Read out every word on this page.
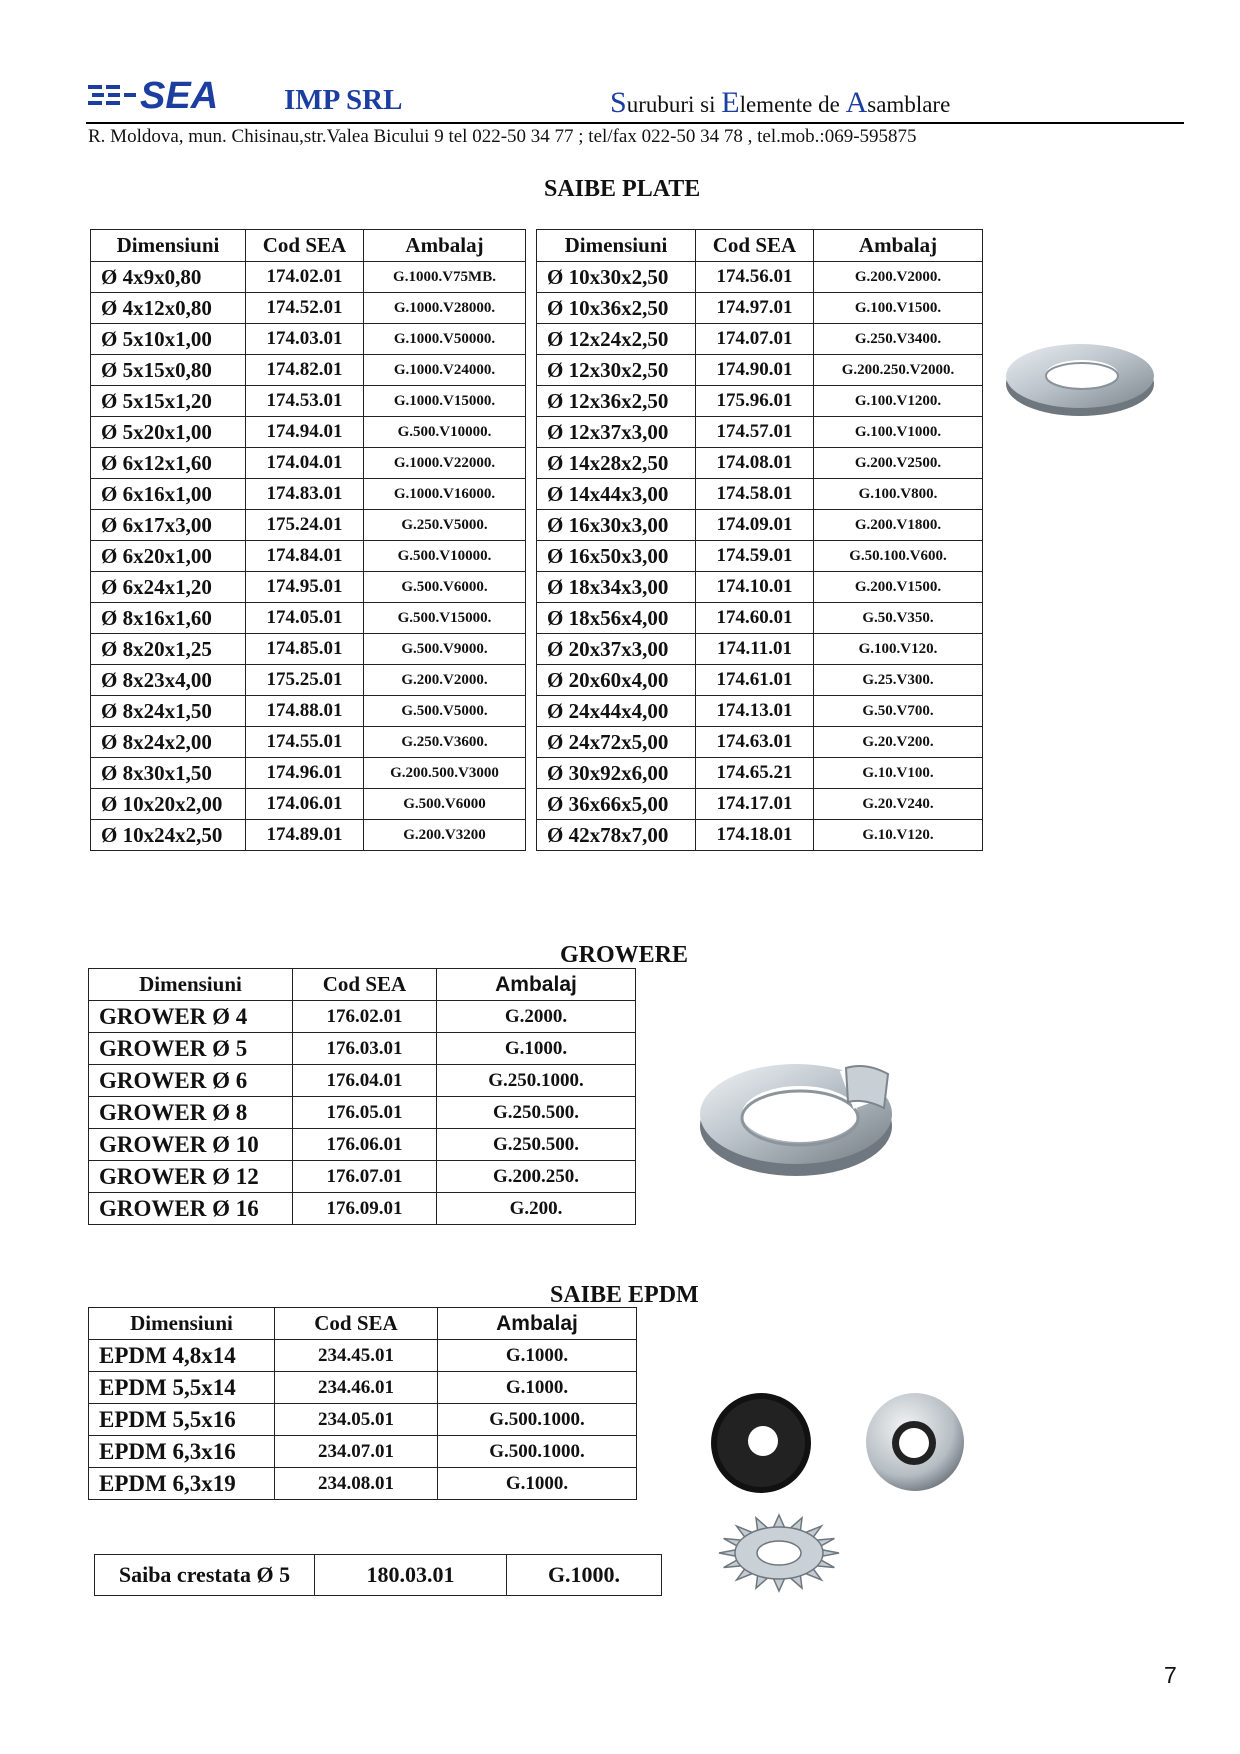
SEA IMP SRL	Suruburi si Elemente de Asamblare
R. Moldova, mun. Chisinau,str.Valea Bicului 9 tel 022-50 34 77 ; tel/fax 022-50 34 78 , tel.mob.:069-595875
SAIBE PLATE
Dimensiuni	Cod SEA	Ambalaj
Ø 4x9x0,80	174.02.01	G.1000.V75MB.
Ø 4x12x0,80	174.52.01	G.1000.V28000.
Ø 5x10x1,00	174.03.01	G.1000.V50000.
Ø 5x15x0,80	174.82.01	G.1000.V24000.
Ø 5x15x1,20	174.53.01	G.1000.V15000.
Ø 5x20x1,00	174.94.01	G.500.V10000.
Ø 6x12x1,60	174.04.01	G.1000.V22000.
Ø 6x16x1,00	174.83.01	G.1000.V16000.
Ø 6x17x3,00	175.24.01	G.250.V5000.
Ø 6x20x1,00	174.84.01	G.500.V10000.
Ø 6x24x1,20	174.95.01	G.500.V6000.
Ø 8x16x1,60	174.05.01	G.500.V15000.
Ø 8x20x1,25	174.85.01	G.500.V9000.
Ø 8x23x4,00	175.25.01	G.200.V2000.
Ø 8x24x1,50	174.88.01	G.500.V5000.
Ø 8x24x2,00	174.55.01	G.250.V3600.
Ø 8x30x1,50	174.96.01	G.200.500.V3000
Ø 10x20x2,00	174.06.01	G.500.V6000
Ø 10x24x2,50	174.89.01	G.200.V3200
Dimensiuni	Cod SEA	Ambalaj
Ø 10x30x2,50	174.56.01	G.200.V2000.
Ø 10x36x2,50	174.97.01	G.100.V1500.
Ø 12x24x2,50	174.07.01	G.250.V3400.
Ø 12x30x2,50	174.90.01	G.200.250.V2000.
Ø 12x36x2,50	175.96.01	G.100.V1200.
Ø 12x37x3,00	174.57.01	G.100.V1000.
Ø 14x28x2,50	174.08.01	G.200.V2500.
Ø 14x44x3,00	174.58.01	G.100.V800.
Ø 16x30x3,00	174.09.01	G.200.V1800.
Ø 16x50x3,00	174.59.01	G.50.100.V600.
Ø 18x34x3,00	174.10.01	G.200.V1500.
Ø 18x56x4,00	174.60.01	G.50.V350.
Ø 20x37x3,00	174.11.01	G.100.V120.
Ø 20x60x4,00	174.61.01	G.25.V300.
Ø 24x44x4,00	174.13.01	G.50.V700.
Ø 24x72x5,00	174.63.01	G.20.V200.
Ø 30x92x6,00	174.65.21	G.10.V100.
Ø 36x66x5,00	174.17.01	G.20.V240.
Ø 42x78x7,00	174.18.01	G.10.V120.
GROWERE
Dimensiuni	Cod SEA	Ambalaj
GROWER Ø 4	176.02.01	G.2000.
GROWER Ø 5	176.03.01	G.1000.
GROWER Ø 6	176.04.01	G.250.1000.
GROWER Ø 8	176.05.01	G.250.500.
GROWER Ø 10	176.06.01	G.250.500.
GROWER Ø 12	176.07.01	G.200.250.
GROWER Ø 16	176.09.01	G.200.
SAIBE EPDM
Dimensiuni	Cod SEA	Ambalaj
EPDM 4,8x14	234.45.01	G.1000.
EPDM 5,5x14	234.46.01	G.1000.
EPDM 5,5x16	234.05.01	G.500.1000.
EPDM 6,3x16	234.07.01	G.500.1000.
EPDM 6,3x19	234.08.01	G.1000.
Saiba crestata Ø 5	180.03.01	G.1000.
7
